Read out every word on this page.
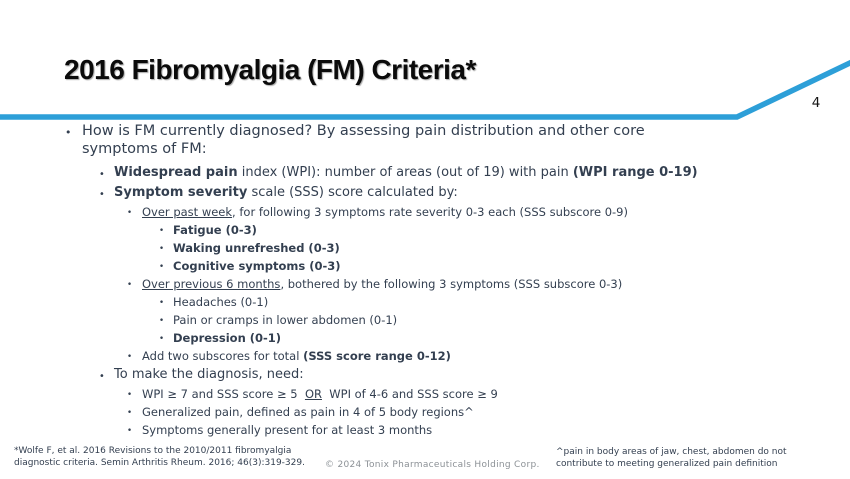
2016 Fibromyalgia (FM) Criteria*
4
• How is FM currently diagnosed? By assessing pain distribution and other core symptoms of FM:
• Widespread pain index (WPI): number of areas (out of 19) with pain (WPI range 0-19)
• Symptom severity scale (SSS) score calculated by:
• Over past week, for following 3 symptoms rate severity 0-3 each (SSS subscore 0-9)
• Fatigue (0-3)
• Waking unrefreshed (0-3)
• Cognitive symptoms (0-3)
• Over previous 6 months, bothered by the following 3 symptoms (SSS subscore 0-3)
• Headaches (0-1)
• Pain or cramps in lower abdomen (0-1)
• Depression (0-1)
• Add two subscores for total (SSS score range 0-12)
• To make the diagnosis, need:
• WPI ≥ 7 and SSS score ≥ 5  OR  WPI of 4-6 and SSS score ≥ 9
• Generalized pain, defined as pain in 4 of 5 body regions^
• Symptoms generally present for at least 3 months
*Wolfe F, et al. 2016 Revisions to the 2010/2011 fibromyalgia
diagnostic criteria. Semin Arthritis Rheum. 2016; 46(3):319-329. © 2024 Tonix Pharmaceuticals Holding Corp.
^pain in body areas of jaw, chest, abdomen do not
contribute to meeting generalized pain definition
